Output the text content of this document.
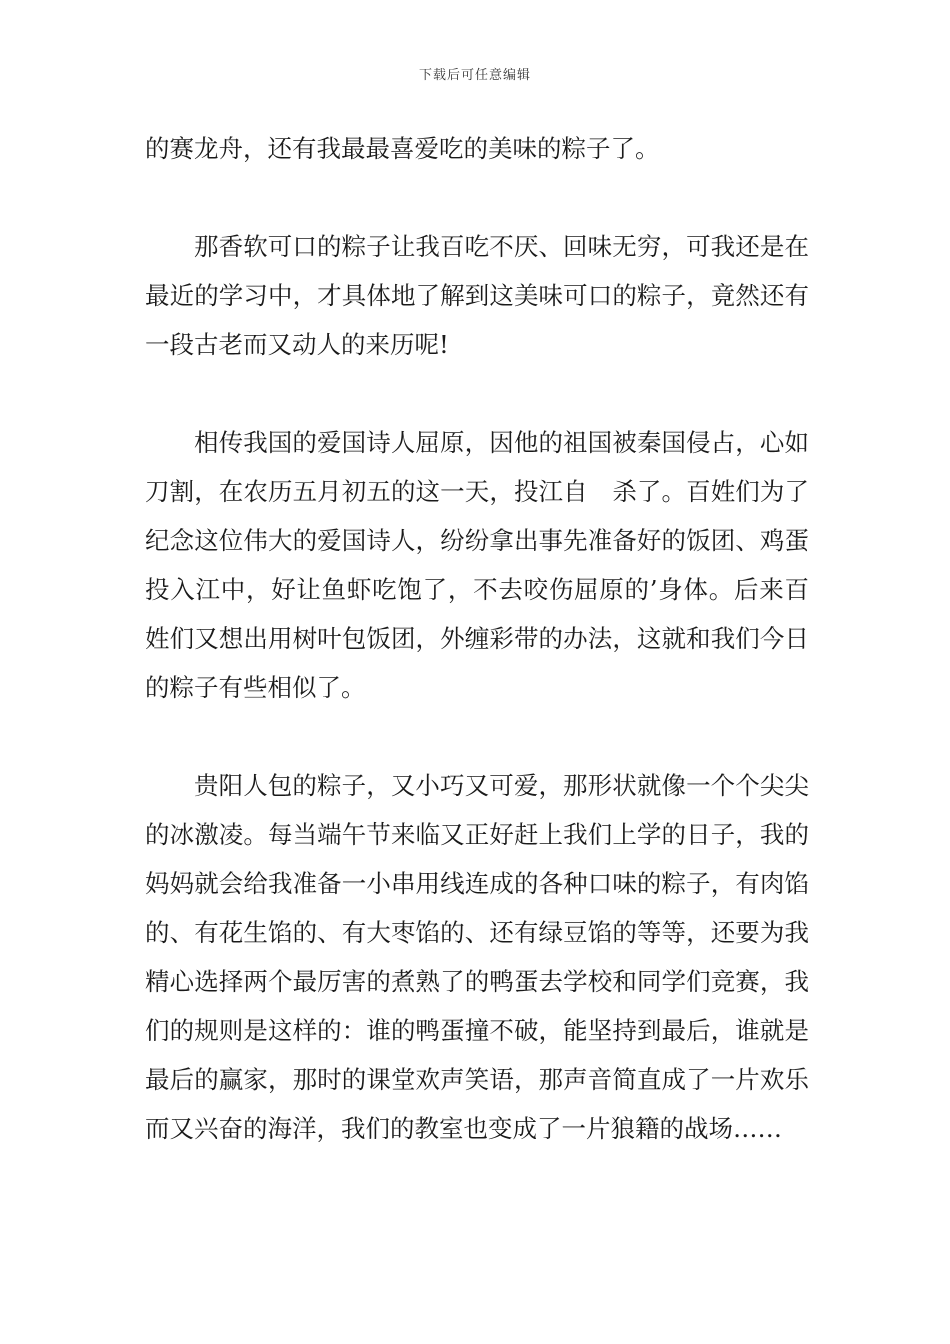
下载后可任意编辑

的赛龙舟，还有我最最喜爱吃的美味的粽子了。

那香软可口的粽子让我百吃不厌、回味无穷，可我还是在最近的学习中，才具体地了解到这美味可口的粽子，竟然还有一段古老而又动人的来历呢!

相传我国的爱国诗人屈原，因他的祖国被秦国侵占，心如刀割，在农历五月初五的这一天，投江自　杀了。百姓们为了纪念这位伟大的爱国诗人，纷纷拿出事先准备好的饭团、鸡蛋投入江中，好让鱼虾吃饱了，不去咬伤屈原的’身体。后来百姓们又想出用树叶包饭团，外缠彩带的办法，这就和我们今日的粽子有些相似了。

贵阳人包的粽子，又小巧又可爱，那形状就像一个个尖尖的冰激凌。每当端午节来临又正好赶上我们上学的日子，我的妈妈就会给我准备一小串用线连成的各种口味的粽子，有肉馅的、有花生馅的、有大枣馅的、还有绿豆馅的等等，还要为我精心选择两个最厉害的煮熟了的鸭蛋去学校和同学们竞赛，我们的规则是这样的：谁的鸭蛋撞不破，能坚持到最后，谁就是最后的赢家，那时的课堂欢声笑语，那声音简直成了一片欢乐而又兴奋的海洋，我们的教室也变成了一片狼籍的战场……
